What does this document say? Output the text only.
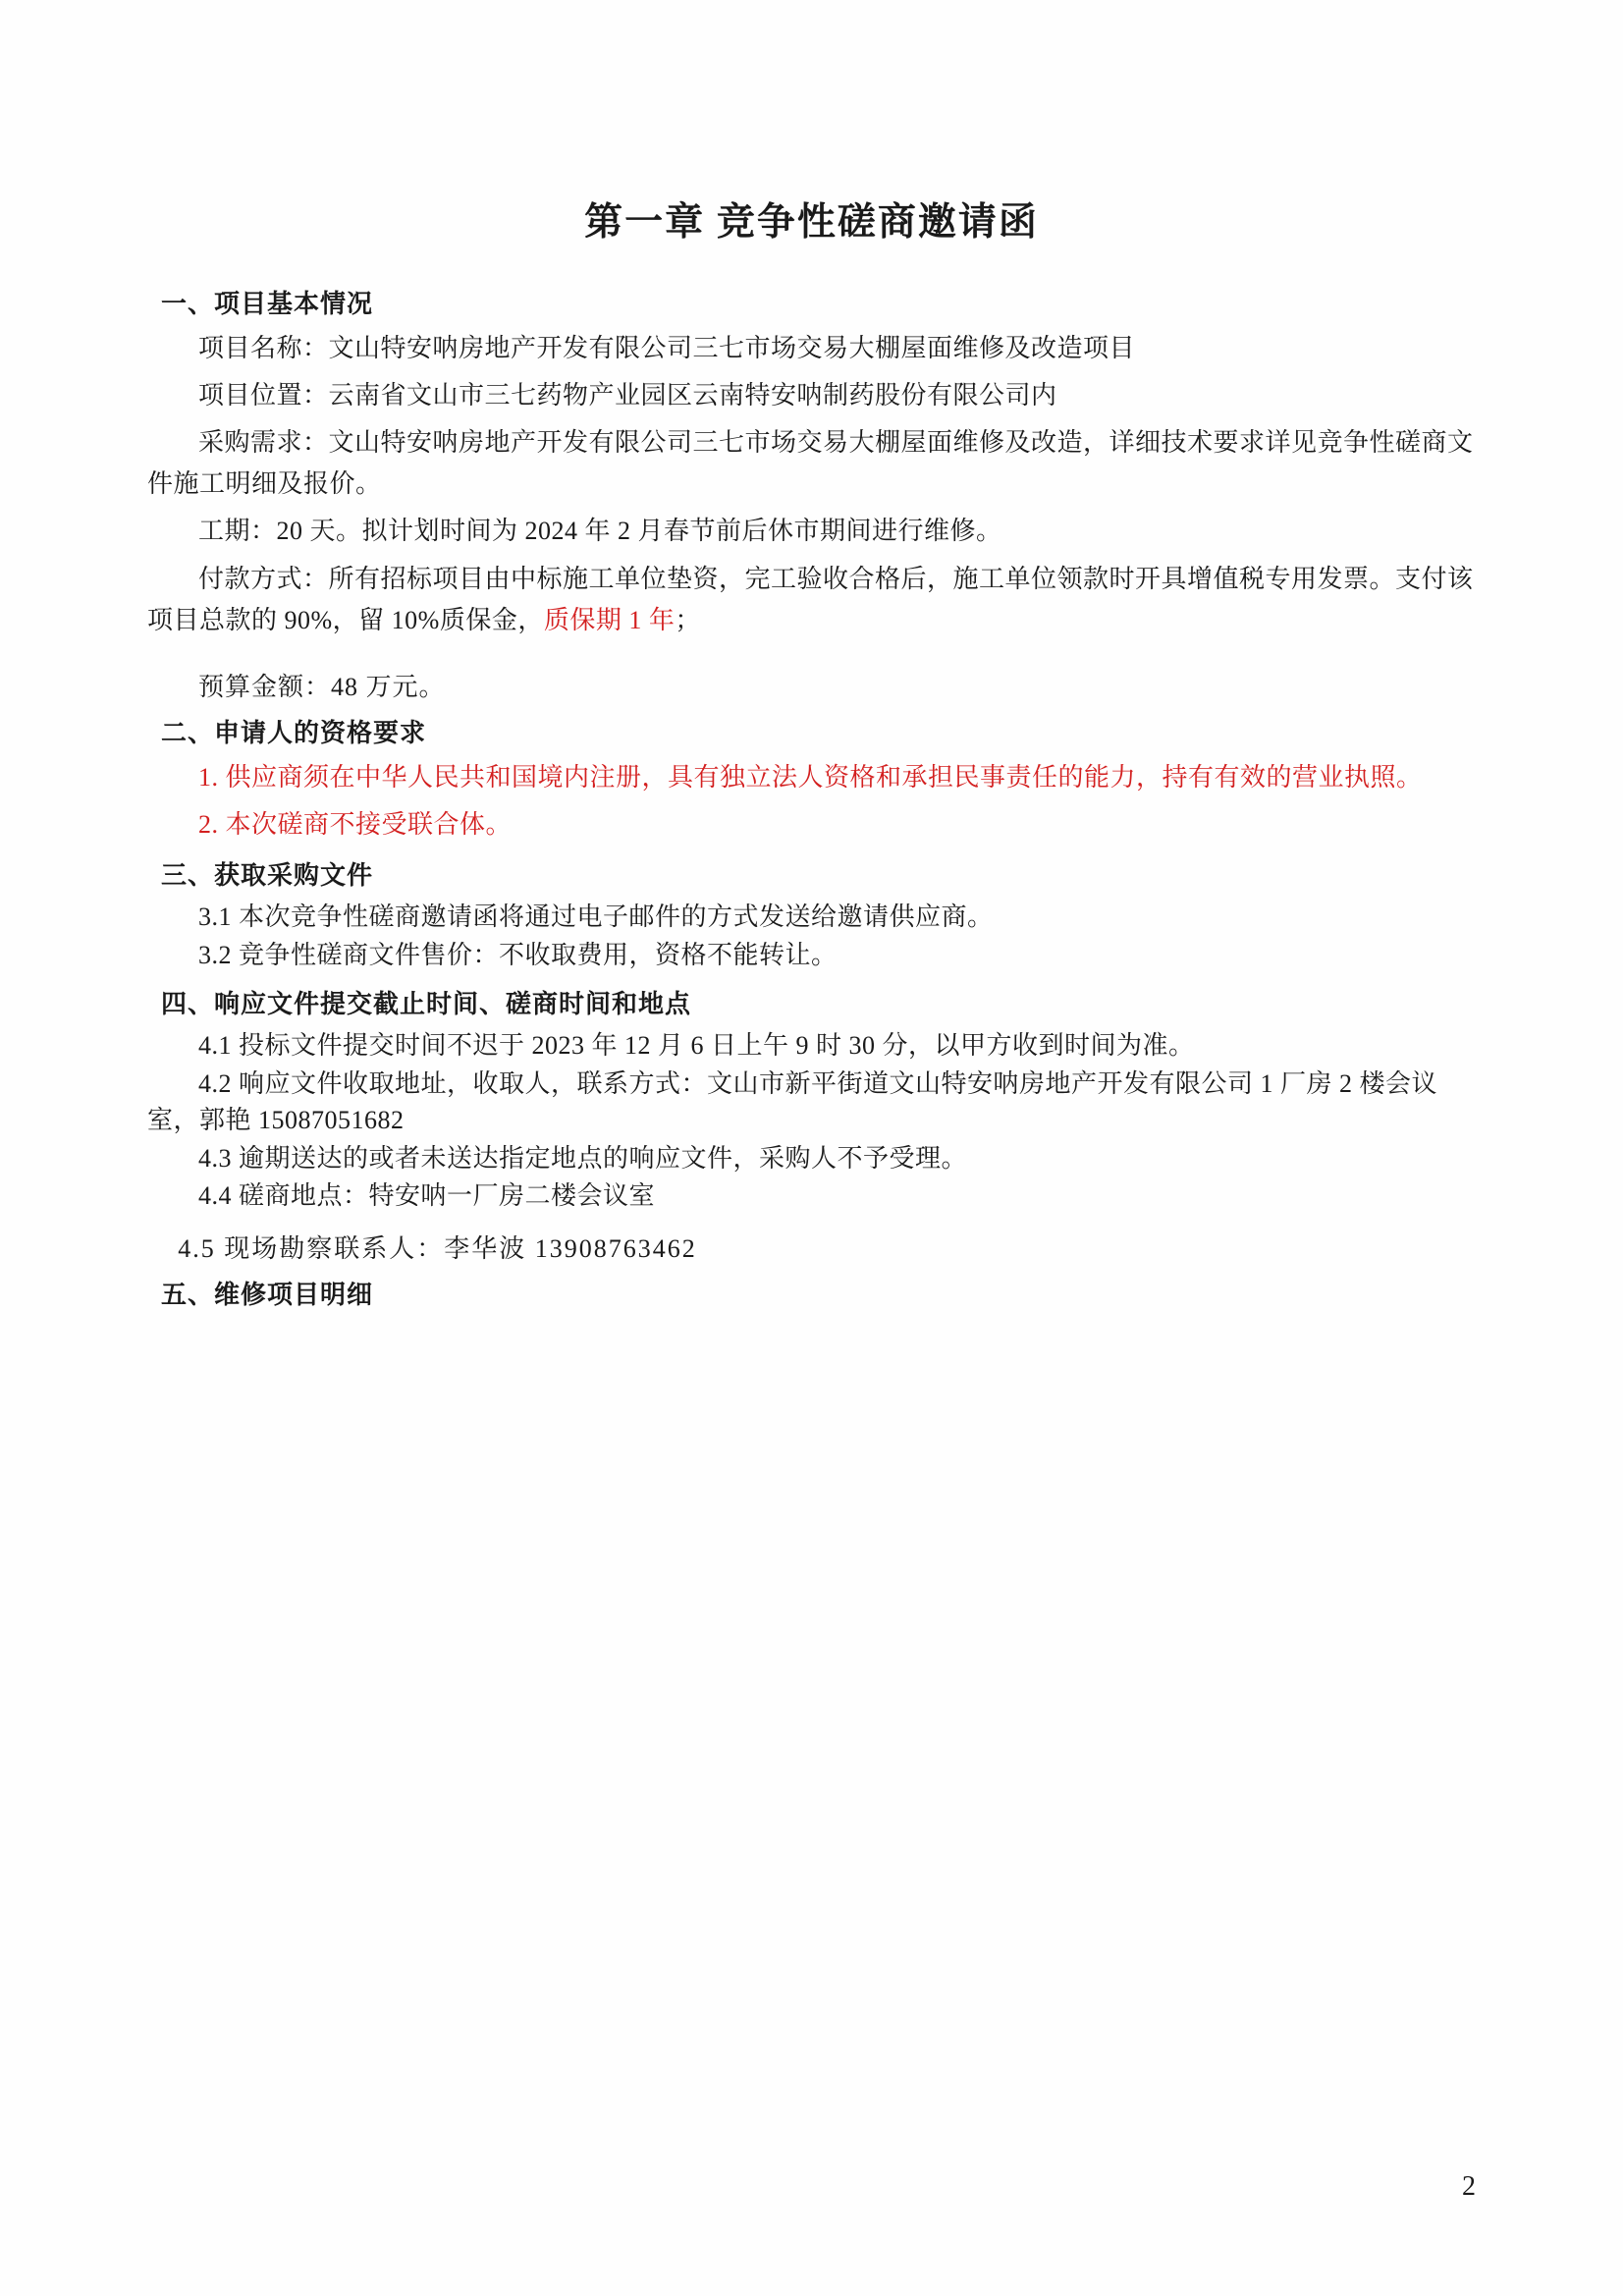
第一章 竞争性磋商邀请函
一、项目基本情况
项目名称：文山特安呐房地产开发有限公司三七市场交易大棚屋面维修及改造项目
项目位置：云南省文山市三七药物产业园区云南特安呐制药股份有限公司内
采购需求：文山特安呐房地产开发有限公司三七市场交易大棚屋面维修及改造，详细技术要求详见竞争性磋商文件施工明细及报价。
工期：20 天。拟计划时间为 2024 年 2 月春节前后休市期间进行维修。
付款方式：所有招标项目由中标施工单位垫资，完工验收合格后，施工单位领款时开具增值税专用发票。支付该项目总款的 90%，留 10%质保金，质保期 1 年；
预算金额：48 万元。
二、申请人的资格要求
1. 供应商须在中华人民共和国境内注册，具有独立法人资格和承担民事责任的能力，持有有效的营业执照。
2. 本次磋商不接受联合体。
三、获取采购文件
3.1 本次竞争性磋商邀请函将通过电子邮件的方式发送给邀请供应商。
3.2 竞争性磋商文件售价：不收取费用，资格不能转让。
四、响应文件提交截止时间、磋商时间和地点
4.1 投标文件提交时间不迟于 2023 年 12 月 6 日上午 9 时 30 分，以甲方收到时间为准。
4.2 响应文件收取地址，收取人，联系方式：文山市新平街道文山特安呐房地产开发有限公司 1 厂房 2 楼会议室，郭艳 15087051682
4.3 逾期送达的或者未送达指定地点的响应文件，采购人不予受理。
4.4 磋商地点：特安呐一厂房二楼会议室
4.5 现场勘察联系人：李华波 13908763462
五、维修项目明细
2
